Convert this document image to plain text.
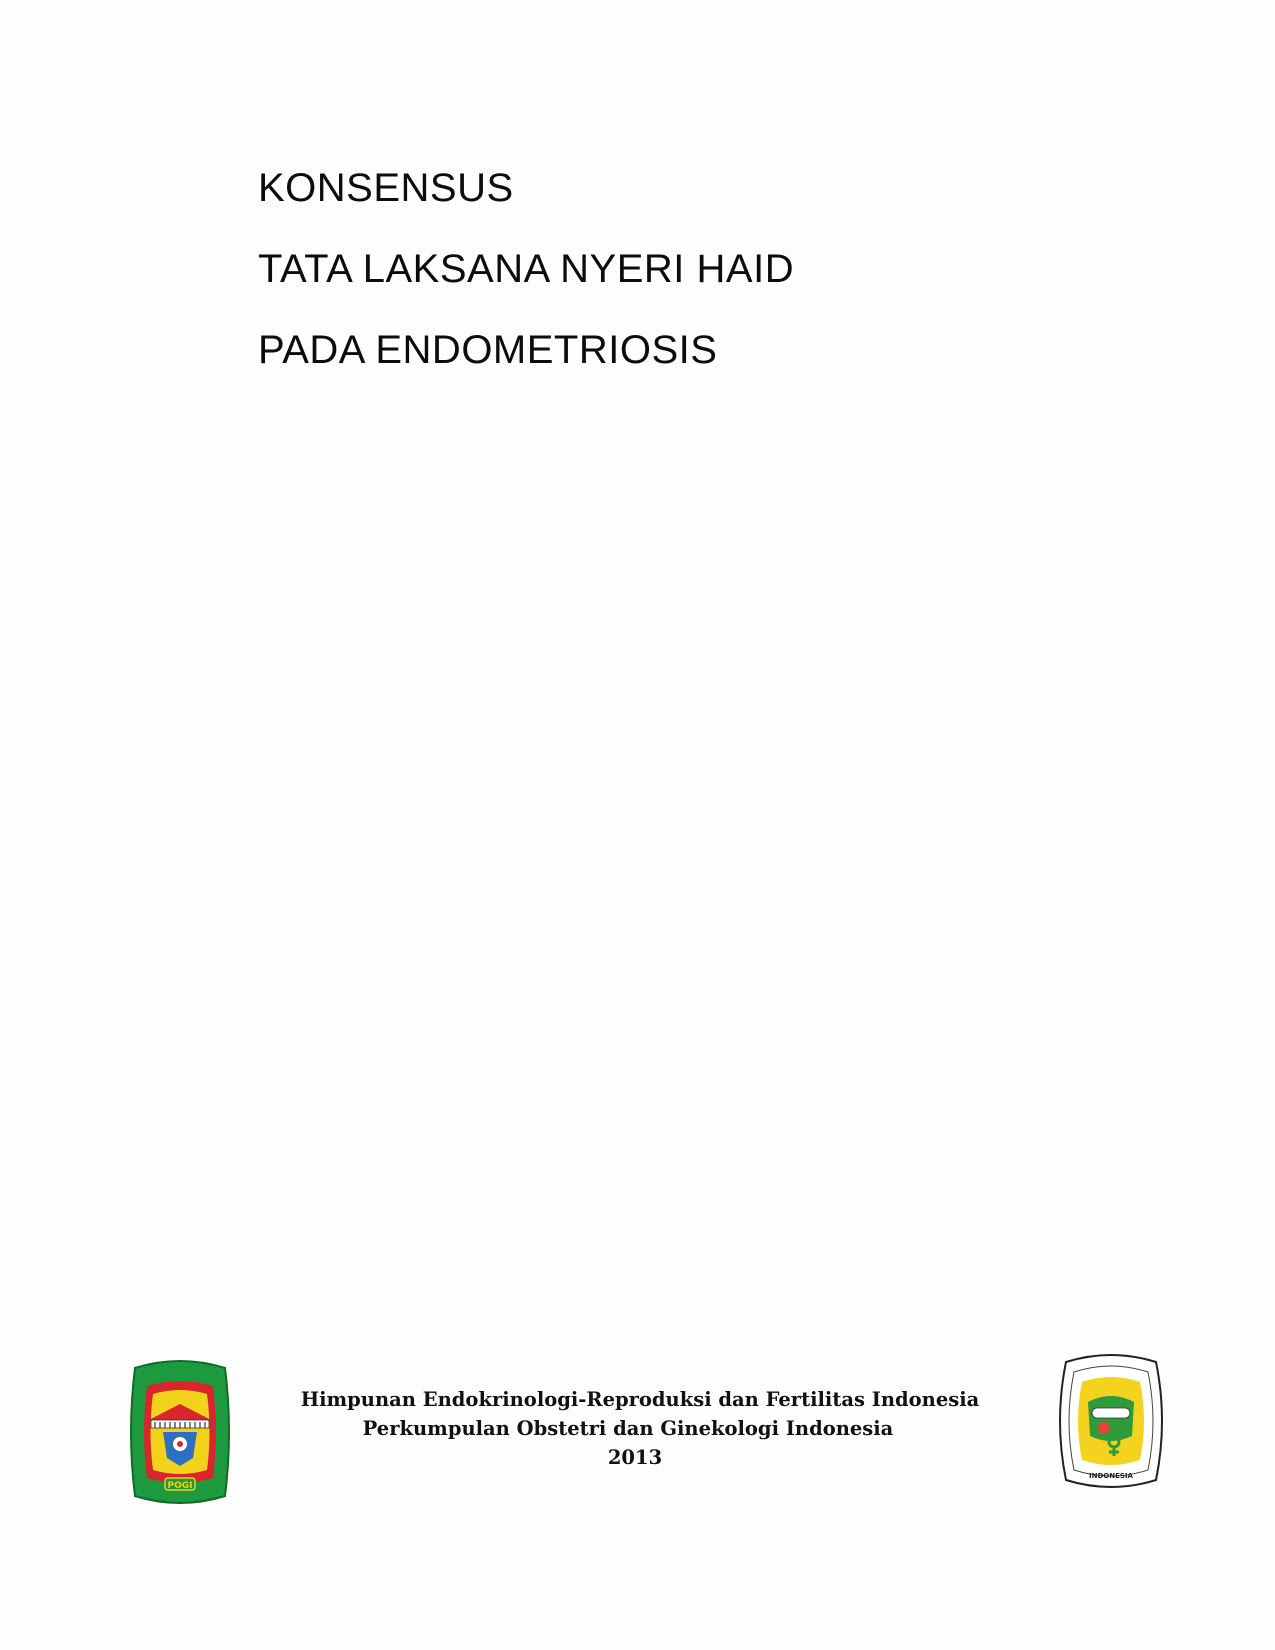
KONSENSUS
TATA LAKSANA NYERI HAID
PADA ENDOMETRIOSIS
POGI
Himpunan Endokrinologi-Reproduksi dan Fertilitas Indonesia
Perkumpulan Obstetri dan Ginekologi Indonesia
2013
INDONESIA
